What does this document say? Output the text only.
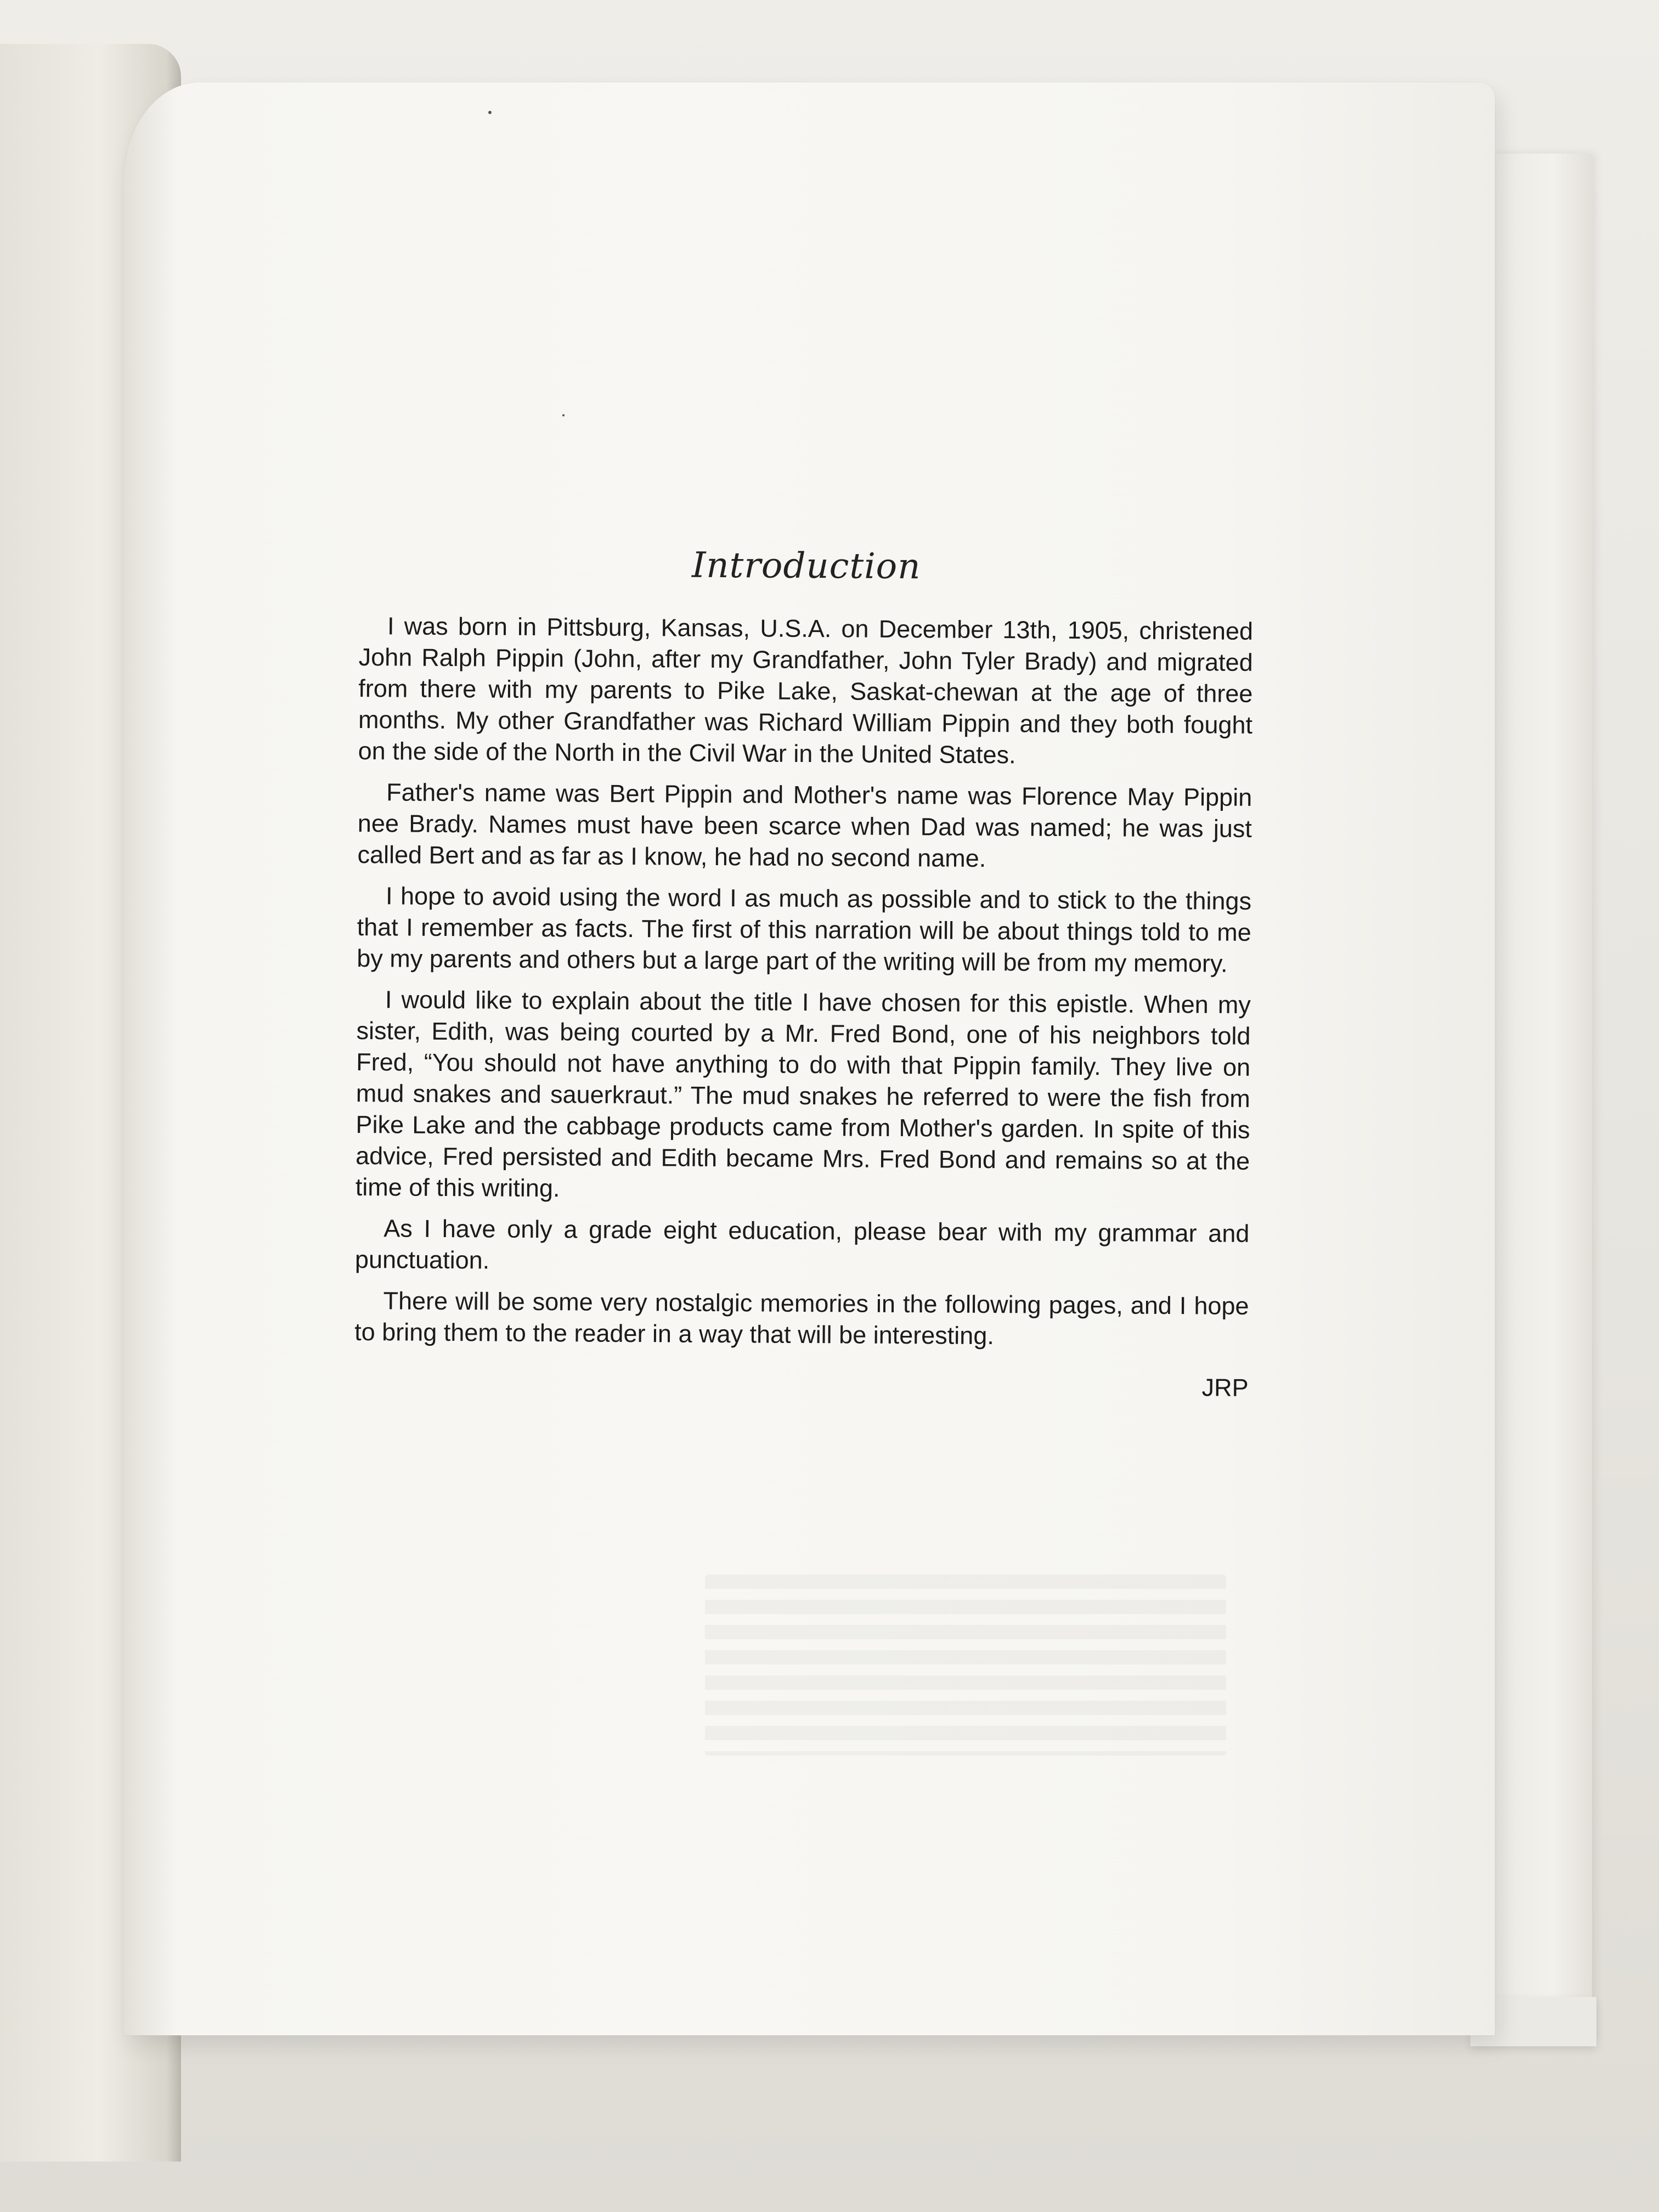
Introduction

I was born in Pittsburg, Kansas, U.S.A. on December 13th, 1905, christened John Ralph Pippin (John, after my Grandfather, John Tyler Brady) and migrated from there with my parents to Pike Lake, Saskat-chewan at the age of three months. My other Grandfather was Richard William Pippin and they both fought on the side of the North in the Civil War in the United States.

Father's name was Bert Pippin and Mother's name was Florence May Pippin nee Brady. Names must have been scarce when Dad was named; he was just called Bert and as far as I know, he had no second name.

I hope to avoid using the word I as much as possible and to stick to the things that I remember as facts. The first of this narration will be about things told to me by my parents and others but a large part of the writing will be from my memory.

I would like to explain about the title I have chosen for this epistle. When my sister, Edith, was being courted by a Mr. Fred Bond, one of his neighbors told Fred, “You should not have anything to do with that Pippin family. They live on mud snakes and sauerkraut.” The mud snakes he referred to were the fish from Pike Lake and the cabbage products came from Mother's garden. In spite of this advice, Fred persisted and Edith became Mrs. Fred Bond and remains so at the time of this writing.

As I have only a grade eight education, please bear with my grammar and punctuation.

There will be some very nostalgic memories in the following pages, and I hope to bring them to the reader in a way that will be interesting.

JRP
